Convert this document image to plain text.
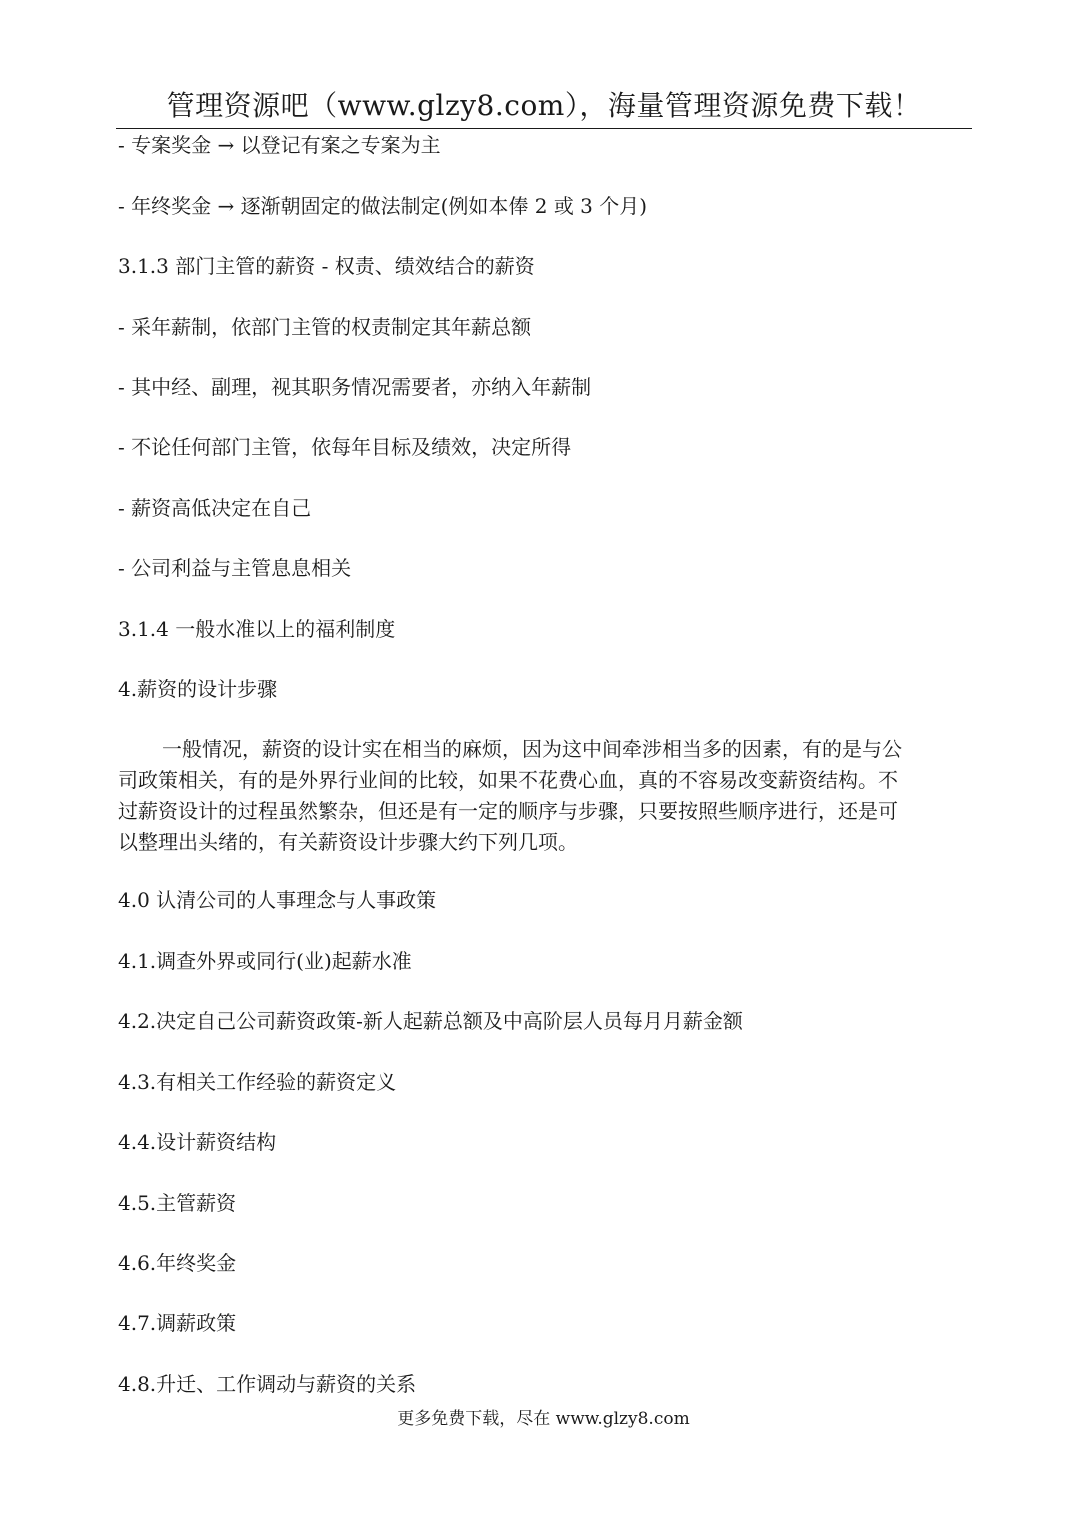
管理资源吧（www.glzy8.com），海量管理资源免费下载！
- 专案奖金 → 以登记有案之专案为主
- 年终奖金 → 逐渐朝固定的做法制定(例如本俸 2 或 3 个月)
3.1.3 部门主管的薪资 - 权责、绩效结合的薪资
- 采年薪制，依部门主管的权责制定其年薪总额
- 其中经、副理，视其职务情况需要者，亦纳入年薪制
- 不论任何部门主管，依每年目标及绩效，决定所得
- 薪资高低决定在自己
- 公司利益与主管息息相关
3.1.4 一般水准以上的福利制度
4.薪资的设计步骤
一般情况，薪资的设计实在相当的麻烦，因为这中间牵涉相当多的因素，有的是与公
司政策相关，有的是外界行业间的比较，如果不花费心血，真的不容易改变薪资结构。不
过薪资设计的过程虽然繁杂，但还是有一定的顺序与步骤，只要按照些顺序进行，还是可
以整理出头绪的，有关薪资设计步骤大约下列几项。
4.0 认清公司的人事理念与人事政策
4.1.调查外界或同行(业)起薪水准
4.2.决定自己公司薪资政策-新人起薪总额及中高阶层人员每月月薪金额
4.3.有相关工作经验的薪资定义
4.4.设计薪资结构
4.5.主管薪资
4.6.年终奖金
4.7.调薪政策
4.8.升迁、工作调动与薪资的关系
更多免费下载，尽在 www.glzy8.com
